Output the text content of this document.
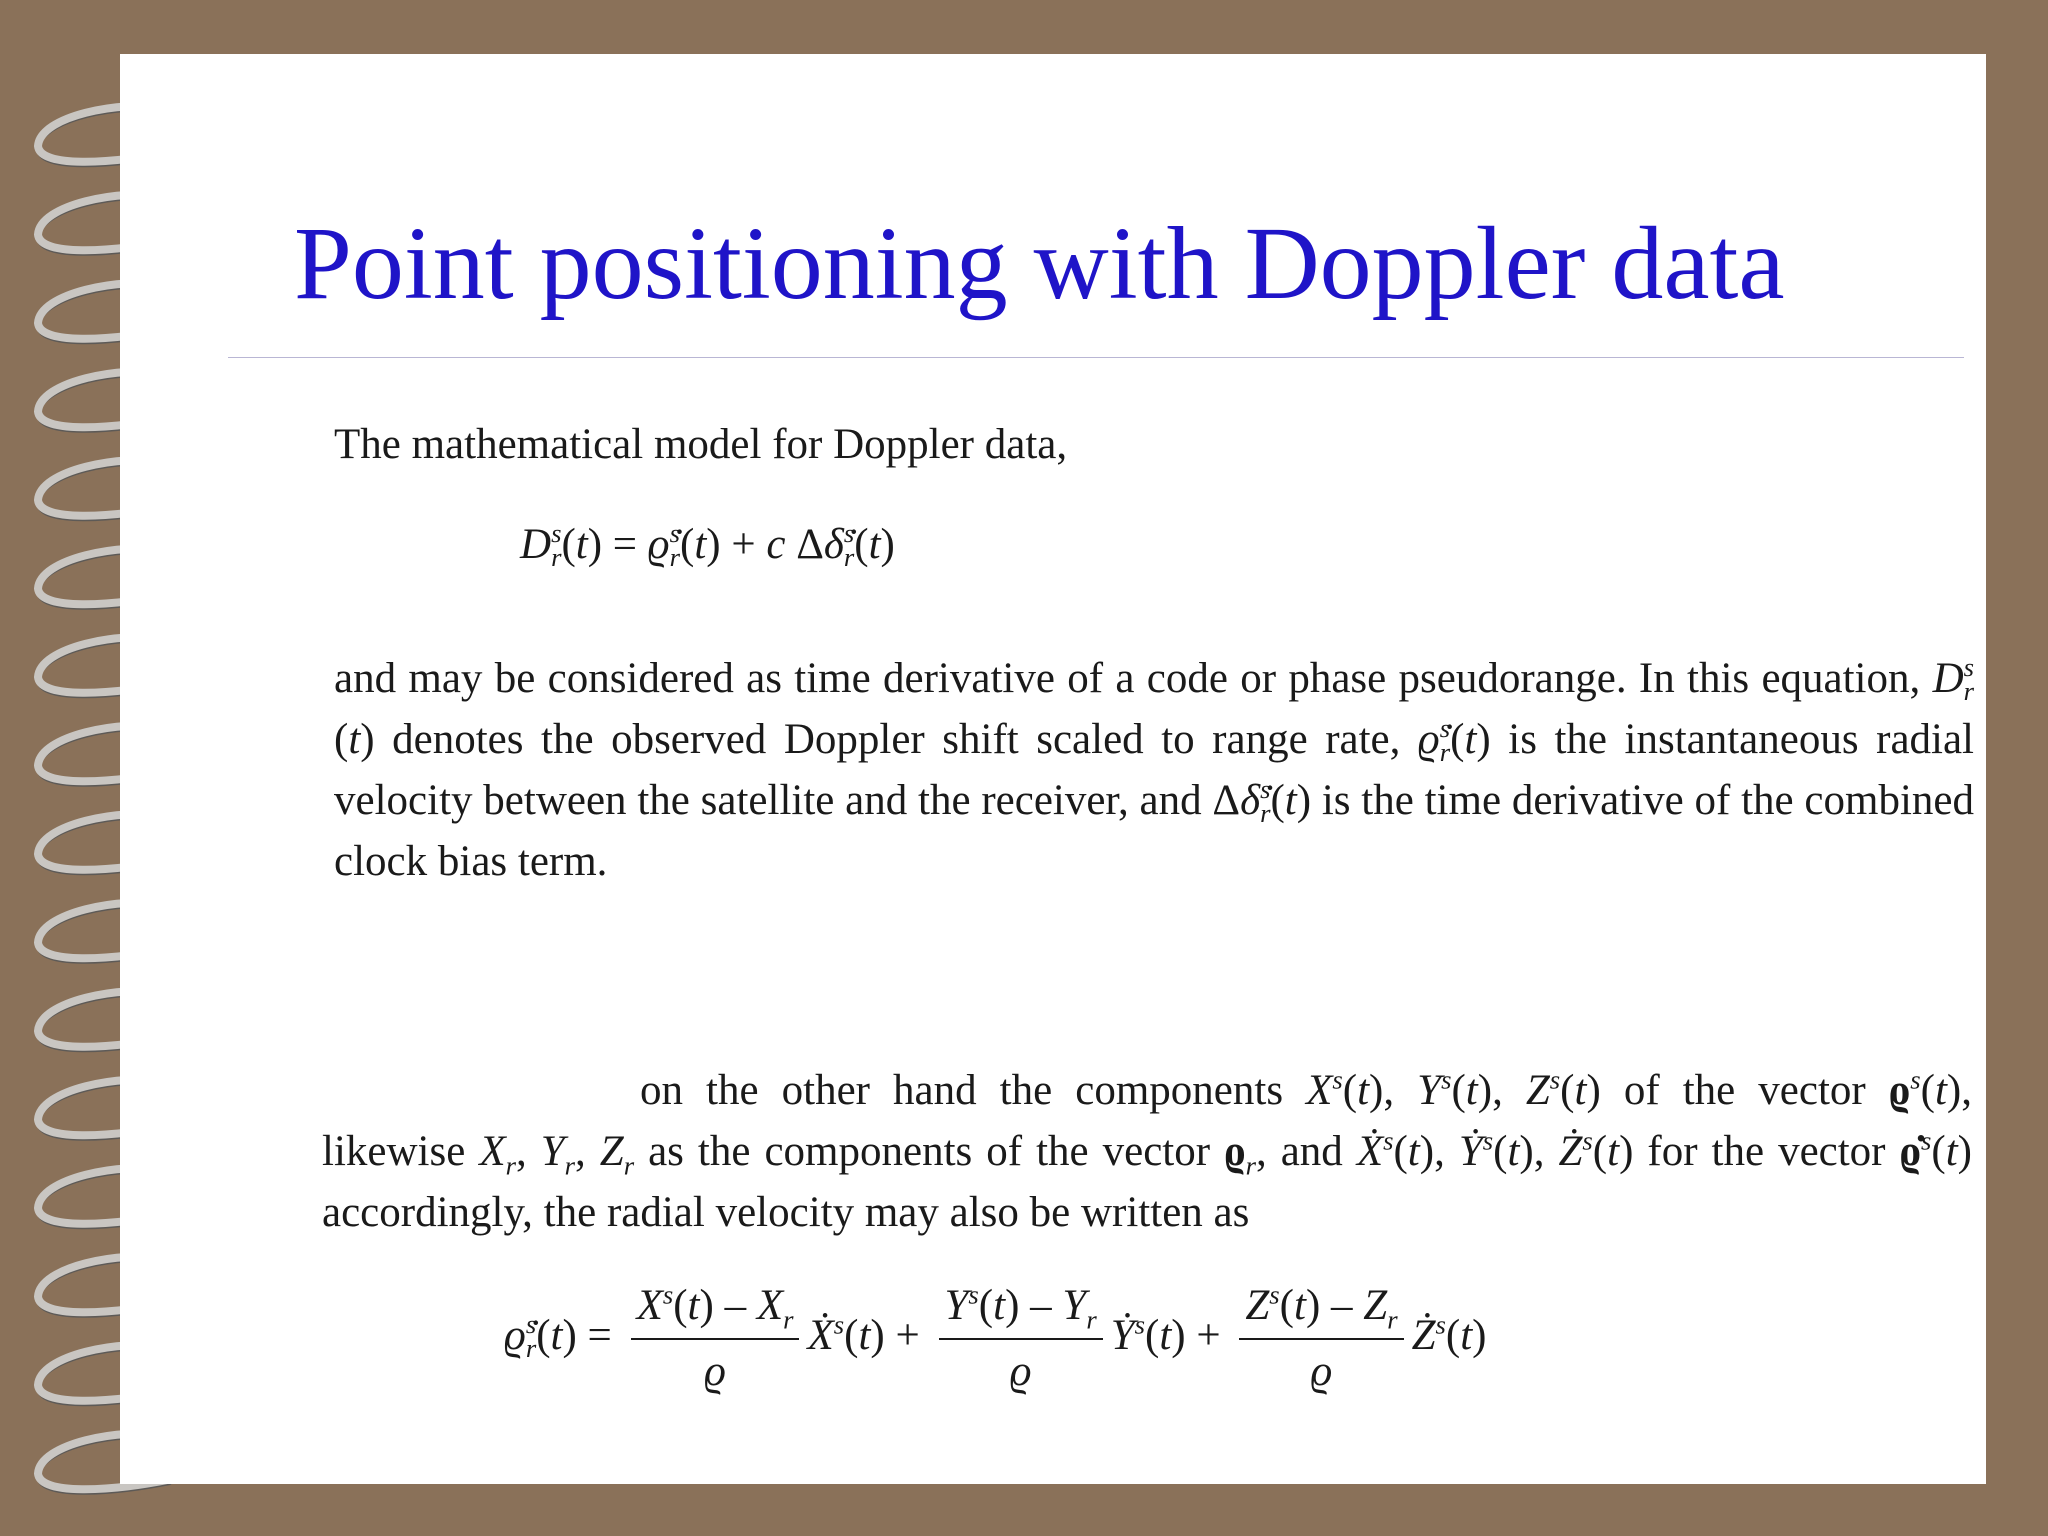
Point positioning with Doppler data
The mathematical model for Doppler data,
D s
r (t) = ϱ̇ s
r (t) + c Δδ̇ s
r (t)
and may be considered as time derivative of a code or phase pseudorange. In this equation, D s
r
(t) denotes the observed Doppler shift scaled to range rate, ϱ̇ s
r (t) is the instantaneous radial velocity between the satellite and the receiver, and Δδ̇ s
r (t) is the time derivative of the combined clock bias term.
on the other hand the components $X^s(t)$, $Y^s(t)$, $Z^s(t)$ of the vector $ϱ^s(t)$, likewise $X_r$, $Y_r$, $Z_r$ as the components of the vector $ϱ_r$, and Ẋ$^s$(t), Ẏ$^s$(t), $Ż^s(t)$ for the vector ϱ̇$^s$(t) accordingly, the radial velocity may also be written as
ϱ̇ s
r $(t) = \frac{X^s(t) - X_r}{ϱ}$ Ẋ$^s$(t) + $\frac{Y^s(t) - Y_r}{ϱ}$ Ẏ$^s$(t) + $\frac{Z^s(t) - Z_r}{ϱ}$ $Ż^s(t)$
